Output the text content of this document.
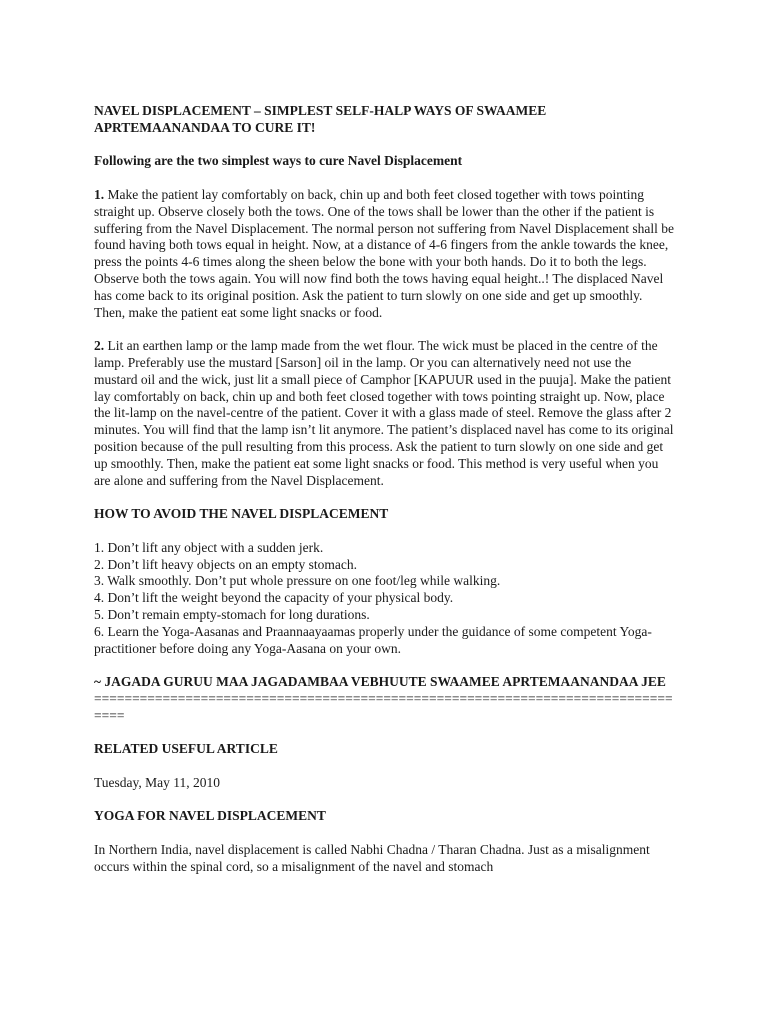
NAVEL DISPLACEMENT – SIMPLEST SELF-HALP WAYS OF SWAAMEE APRTEMAANANDAA TO CURE IT!

Following are the two simplest ways to cure Navel Displacement

1. Make the patient lay comfortably on back, chin up and both feet closed together with tows pointing straight up. Observe closely both the tows. One of the tows shall be lower than the other if the patient is suffering from the Navel Displacement. The normal person not suffering from Navel Displacement shall be found having both tows equal in height. Now, at a distance of 4-6 fingers from the ankle towards the knee, press the points 4-6 times along the sheen below the bone with your both hands. Do it to both the legs. Observe both the tows again. You will now find both the tows having equal height..! The displaced Navel has come back to its original position. Ask the patient to turn slowly on one side and get up smoothly. Then, make the patient eat some light snacks or food.

2. Lit an earthen lamp or the lamp made from the wet flour. The wick must be placed in the centre of the lamp. Preferably use the mustard [Sarson] oil in the lamp. Or you can alternatively need not use the mustard oil and the wick, just lit a small piece of Camphor [KAPUUR used in the puuja]. Make the patient lay comfortably on back, chin up and both feet closed together with tows pointing straight up. Now, place the lit-lamp on the navel-centre of the patient. Cover it with a glass made of steel. Remove the glass after 2 minutes. You will find that the lamp isn’t lit anymore. The patient’s displaced navel has come to its original position because of the pull resulting from this process. Ask the patient to turn slowly on one side and get up smoothly. Then, make the patient eat some light snacks or food. This method is very useful when you are alone and suffering from the Navel Displacement.

HOW TO AVOID THE NAVEL DISPLACEMENT

1. Don’t lift any object with a sudden jerk.
2. Don’t lift heavy objects on an empty stomach.
3. Walk smoothly. Don’t put whole pressure on one foot/leg while walking.
4. Don’t lift the weight beyond the capacity of your physical body.
5. Don’t remain empty-stomach for long durations.
6. Learn the Yoga-Aasanas and Praannaayaamas properly under the guidance of some competent Yoga-practitioner before doing any Yoga-Aasana on your own.
~ JAGADA GURUU MAA JAGADAMBAA VEBHUUTE SWAAMEE APRTEMAANANDAA JEE
================================================================================

RELATED USEFUL ARTICLE

Tuesday, May 11, 2010

YOGA FOR NAVEL DISPLACEMENT

In Northern India, navel displacement is called Nabhi Chadna / Tharan Chadna. Just as a misalignment occurs within the spinal cord, so a misalignment of the navel and stomach
